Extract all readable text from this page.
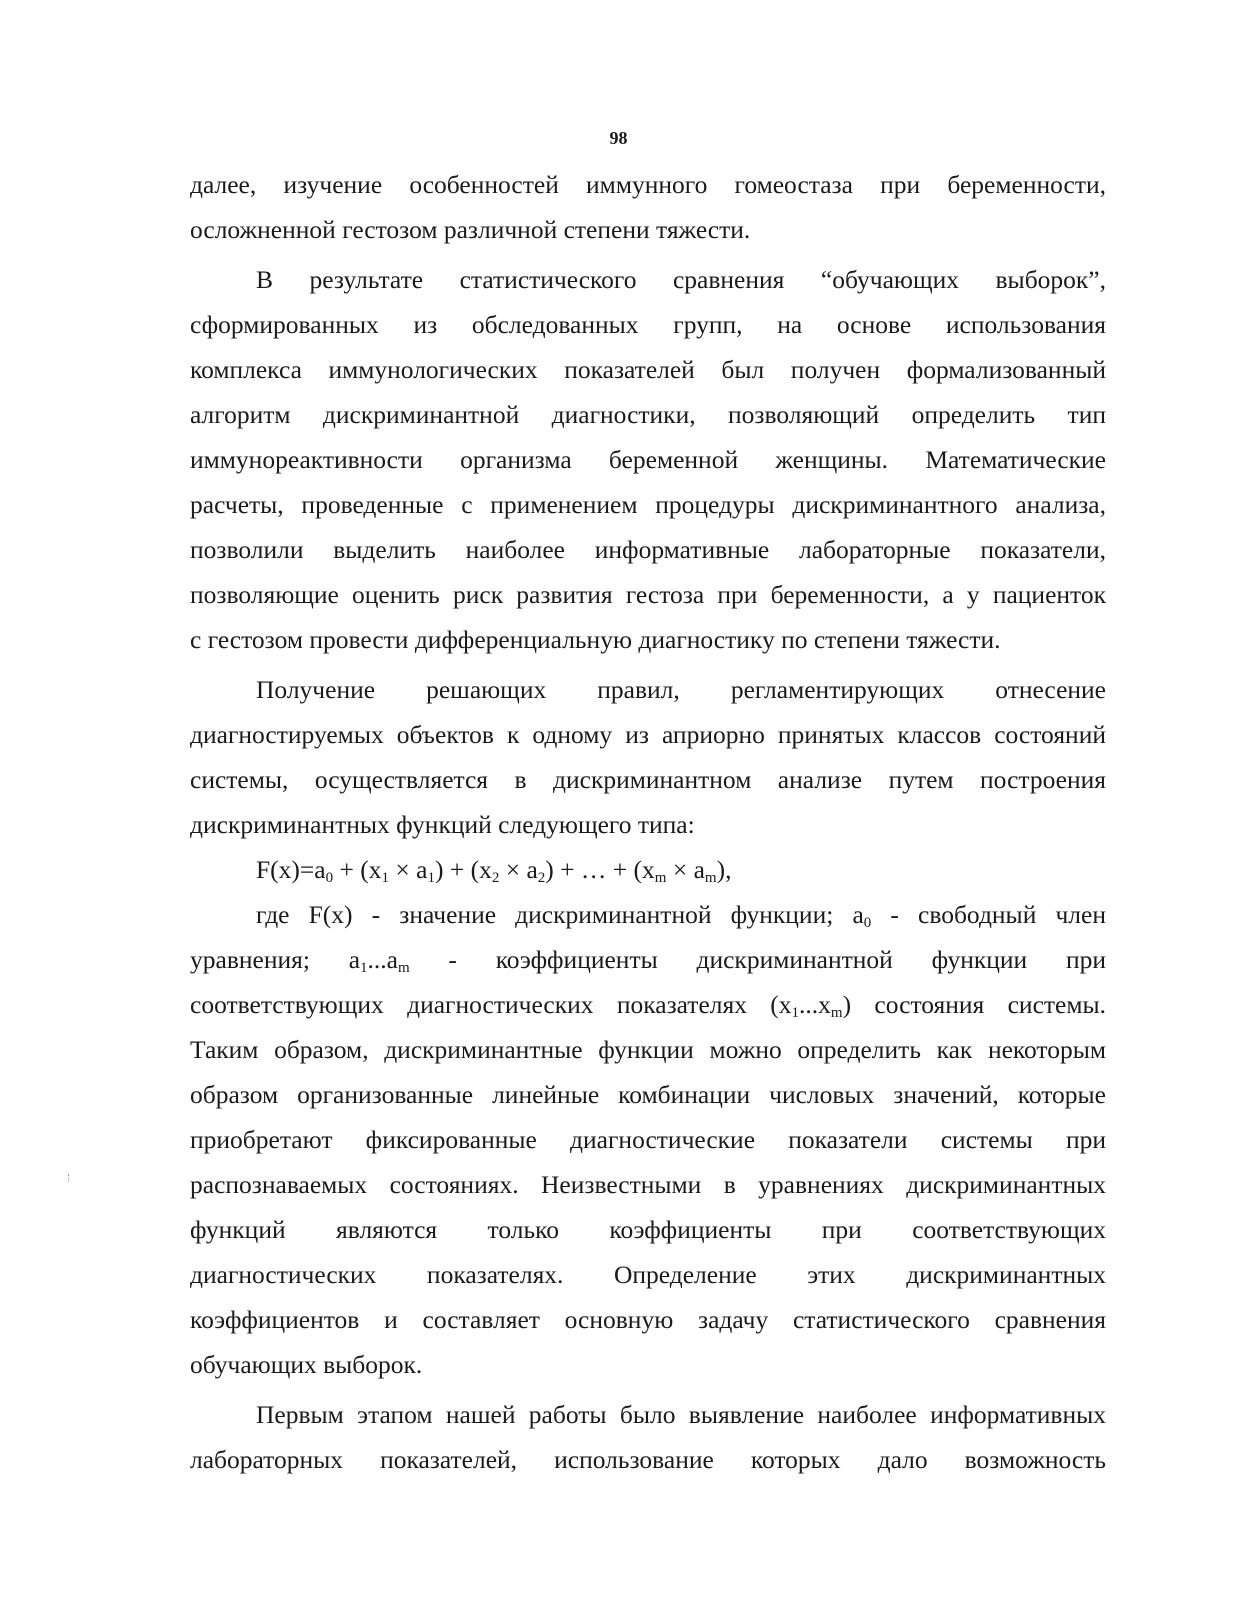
98

далее, изучение особенностей иммунного гомеостаза при беременности,
осложненной гестозом различной степени тяжести.

В результате статистического сравнения “обучающих выборок”,
сформированных из обследованных групп, на основе использования
комплекса иммунологических показателей был получен формализованный
алгоритм дискриминантной диагностики, позволяющий определить тип
иммунореактивности организма беременной женщины. Математические
расчеты, проведенные с применением процедуры дискриминантного анализа,
позволили выделить наиболее информативные лабораторные показатели,
позволяющие оценить риск развития гестоза при беременности, а у пациенток
с гестозом провести дифференциальную диагностику по степени тяжести.

Получение решающих правил, регламентирующих отнесение
диагностируемых объектов к одному из априорно принятых классов состояний
системы, осуществляется в дискриминантном анализе путем построения
дискриминантных функций следующего типа:

$F(x)=a_0 + (x_1 \times a_1) + (x_2 \times a_2)$ + … + $(x_m \times a_m)$,

где F(x) - значение дискриминантной функции; $a_0$ - свободный член
уравнения; $a_1...a_m$ - коэффициенты дискриминантной функции при
соответствующих диагностических показателях $(x_1...x_m)$ состояния системы.
Таким образом, дискриминантные функции можно определить как некоторым
образом организованные линейные комбинации числовых значений, которые
приобретают фиксированные диагностические показатели системы при
распознаваемых состояниях. Неизвестными в уравнениях дискриминантных
функций являются только коэффициенты при соответствующих
диагностических показателях. Определение этих дискриминантных
коэффициентов и составляет основную задачу статистического сравнения
обучающих выборок.

Первым этапом нашей работы было выявление наиболее информативных
лабораторных показателей, использование которых дало возможность
